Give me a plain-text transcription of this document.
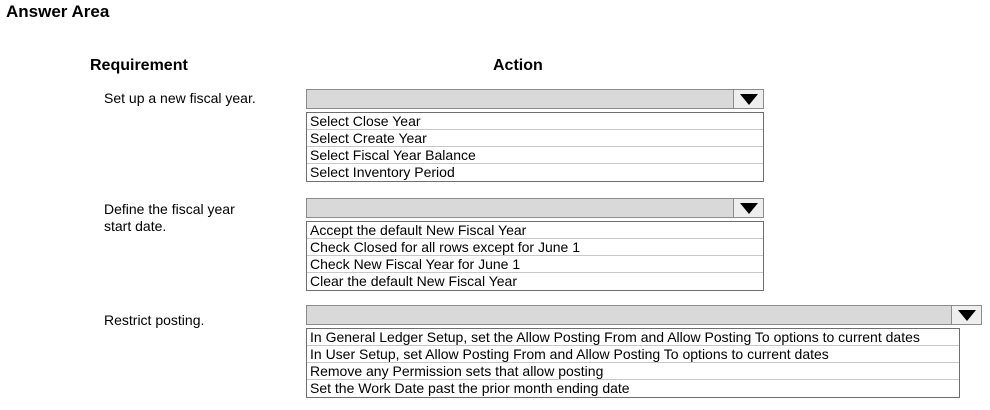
Answer Area
Requirement	Action
Set up a new fiscal year.
Select Close Year
Select Create Year
Select Fiscal Year Balance
Select Inventory Period
Define the fiscal year
start date.	Accept the default New Fiscal Year
Check Closed for all rows except for June 1
Check New Fiscal Year for June 1
Clear the default New Fiscal Year
Restrict posting.
In General Ledger Setup, set the Allow Posting From and Allow Posting To options to current dates
In User Setup, set Allow Posting From and Allow Posting To options to current dates
Remove any Permission sets that allow posting
Set the Work Date past the prior month ending date
